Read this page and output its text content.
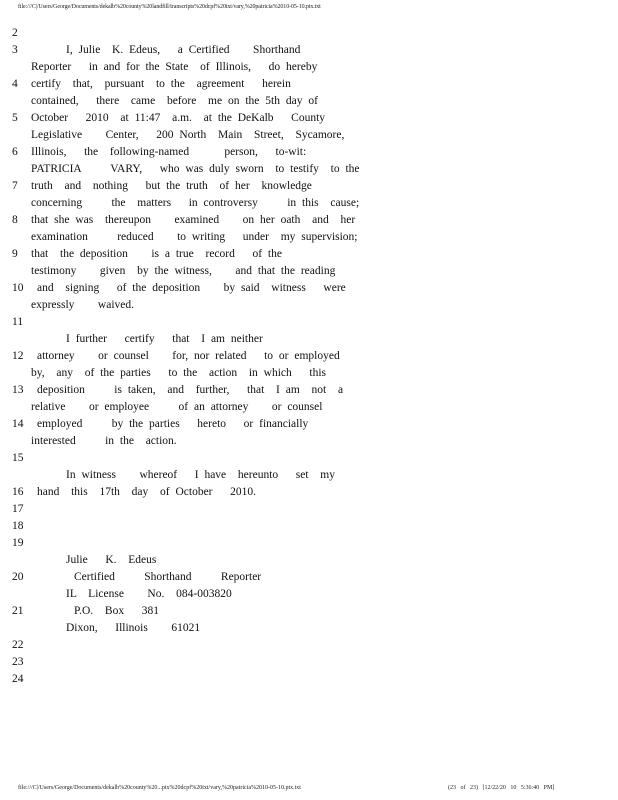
file:///C|/Users/George/Documents/dekalb%20county%20landfill/transcripts%20dcpf%20txt/vary,%20patricia%2010-05-10.ptx.txt
2
3	I, Julie  K. Edeus,   a Certified    Shorthand
Reporter   in and for the State  of Illinois,   do hereby
4 certify  that,  pursuant  to the  agreement   herein
contained,   there  came  before  me on the 5th day of
5 October   2010  at 11:47  a.m.  at the DeKalb   County
Legislative    Center,   200 North  Main  Street,  Sycamore,
6 Illinois,   the  following-named      person,   to-wit:
PATRICIA     VARY,   who was duly sworn  to testify  to the
7 truth  and  nothing   but the truth  of her  knowledge
concerning     the  matters   in controversy     in this  cause;
8 that she was  thereupon    examined    on her oath  and  her
examination     reduced    to writing   under  my supervision;
9 that  the deposition    is a true  record   of the
testimony    given  by the witness,    and that the reading
10 and  signing   of the deposition    by said  witness   were
expressly    waived.
11
I further   certify   that  I am neither
12 attorney    or counsel    for, nor related   to or employed
by,  any  of the parties   to the  action  in which   this
13 deposition     is taken,  and  further,   that  I am  not  a
relative    or employee     of an attorney    or counsel
14 employed     by the parties   hereto   or financially
interested     in the  action.
15
In witness    whereof   I have  hereunto   set  my
16 hand  this  17th  day  of October   2010.
17
18
19
Julie   K.  Edeus
20	Certified     Shorthand     Reporter
IL  License    No.  084-003820
21	P.O.  Box   381
Dixon,   Illinois    61021
22
23
24
file:///C|/Users/George/Documents/dekalb%20county%20...ptx%20dcpf%20txt/vary,%20patricia%2010-05-10.ptx.txt	(23 of 23) [12/22/20 10 5:36:40 PM]
